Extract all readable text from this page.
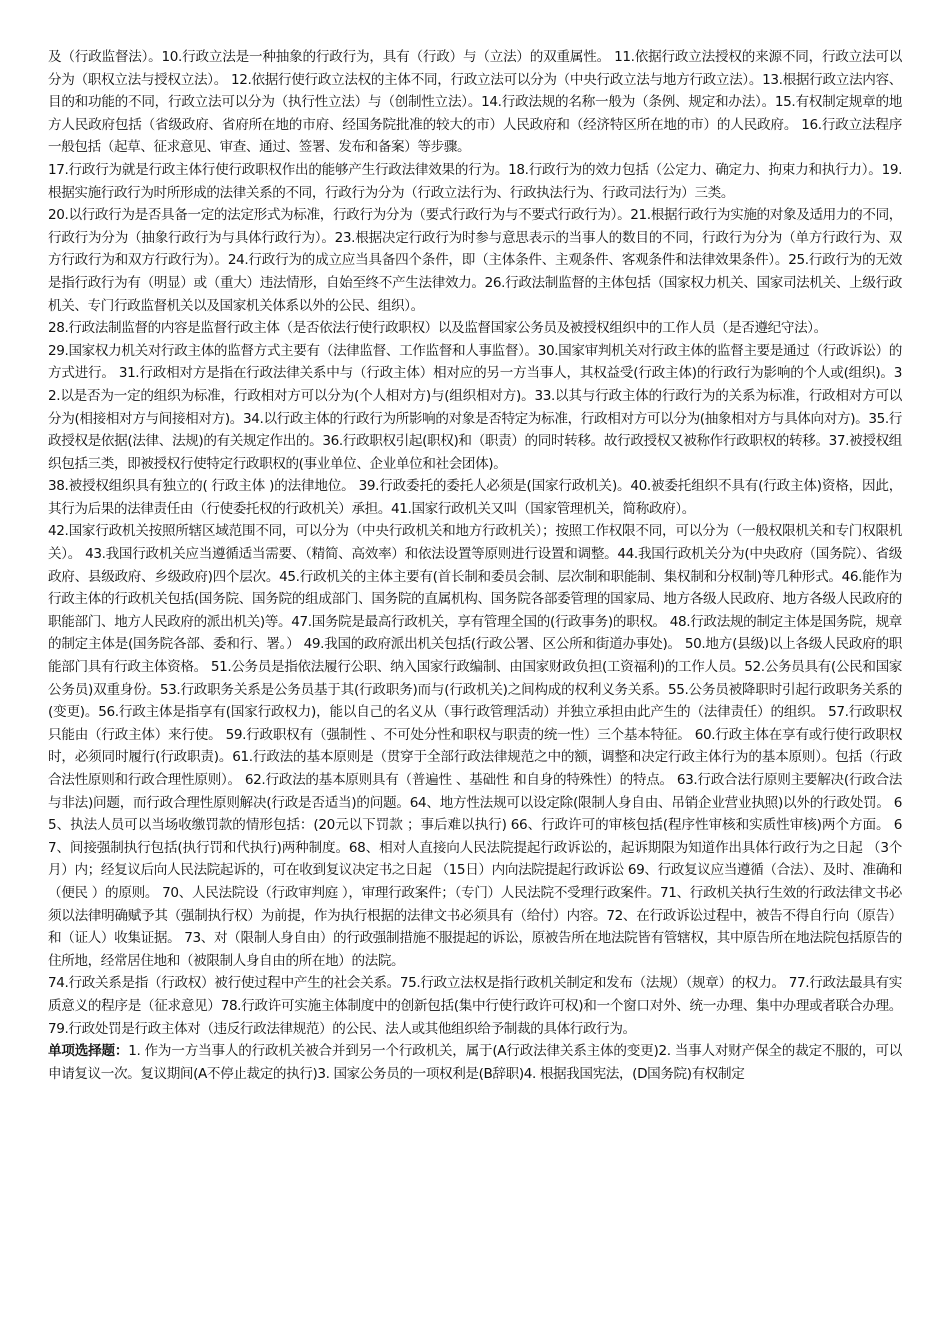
及（行政监督法）。10.行政立法是一种抽象的行政行为，具有（行政）与（立法）的双重属性。 11.依据行政立法授权的来源不同，行政立法可以分为（职权立法与授权立法）。 12.依据行使行政立法权的主体不同，行政立法可以分为（中央行政立法与地方行政立法）。13.根据行政立法内容、目的和功能的不同，行政立法可以分为（执行性立法）与（创制性立法）。14.行政法规的名称一般为（条例、规定和办法）。15.有权制定规章的地方人民政府包括（省级政府、省府所在地的市府、经国务院批准的较大的市）人民政府和（经济特区所在地的市）的人民政府。 16.行政立法程序一般包括（起草、征求意见、审查、通过、签署、发布和备案）等步骤。

17.行政行为就是行政主体行使行政职权作出的能够产生行政法律效果的行为。18.行政行为的效力包括（公定力、确定力、拘束力和执行力）。19.根据实施行政行为时所形成的法律关系的不同，行政行为分为（行政立法行为、行政执法行为、行政司法行为）三类。

20.以行政行为是否具备一定的法定形式为标准，行政行为分为（要式行政行为与不要式行政行为）。21.根据行政行为实施的对象及适用力的不同，行政行为分为（抽象行政行为与具体行政行为）。23.根据决定行政行为时参与意思表示的当事人的数目的不同，行政行为分为（单方行政行为、双方行政行为和双方行政行为）。24.行政行为的成立应当具备四个条件，即（主体条件、主观条件、客观条件和法律效果条件）。25.行政行为的无效是指行政行为有（明显）或（重大）违法情形，自始至终不产生法律效力。26.行政法制监督的主体包括（国家权力机关、国家司法机关、上级行政机关、专门行政监督机关以及国家机关体系以外的公民、组织）。

28.行政法制监督的内容是监督行政主体（是否依法行使行政职权）以及监督国家公务员及被授权组织中的工作人员（是否遵纪守法）。

29.国家权力机关对行政主体的监督方式主要有（法律监督、工作监督和人事监督）。30.国家审判机关对行政主体的监督主要是通过（行政诉讼）的方式进行。 31.行政相对方是指在行政法律关系中与（行政主体）相对应的另一方当事人，其权益受(行政主体)的行政行为影响的个人或(组织)。32.以是否为一定的组织为标准，行政相对方可以分为(个人相对方)与(组织相对方)。33.以其与行政主体的行政行为的关系为标准，行政相对方可以分为(相接相对方与间接相对方)。34.以行政主体的行政行为所影响的对象是否特定为标准，行政相对方可以分为(抽象相对方与具体向对方)。35.行政授权是依据(法律、法规)的有关规定作出的。36.行政职权引起(职权)和（职责）的同时转移。故行政授权又被称作行政职权的转移。37.被授权组织包括三类，即被授权行使特定行政职权的(事业单位、企业单位和社会团体)。

38.被授权组织具有独立的( 行政主体 )的法律地位。 39.行政委托的委托人必须是(国家行政机关)。40.被委托组织不具有(行政主体)资格，因此，其行为后果的法律责任由（行使委托权的行政机关）承担。41.国家行政机关又叫（国家管理机关，简称政府）。

42.国家行政机关按照所辖区域范围不同，可以分为（中央行政机关和地方行政机关）；按照工作权限不同，可以分为（一般权限机关和专门权限机关）。 43.我国行政机关应当遵循适当需要、（精简、高效率）和依法设置等原则进行设置和调整。44.我国行政机关分为(中央政府（国务院）、省级政府、县级政府、乡级政府)四个层次。45.行政机关的主体主要有(首长制和委员会制、层次制和职能制、集权制和分权制)等几种形式。46.能作为行政主体的行政机关包括(国务院、国务院的组成部门、国务院的直属机构、国务院各部委管理的国家局、地方各级人民政府、地方各级人民政府的职能部门、地方人民政府的派出机关)等。47.国务院是最高行政机关，享有管理全国的(行政事务)的职权。 48.行政法规的制定主体是国务院，规章的制定主体是(国务院各部、委和行、署。） 49.我国的政府派出机关包括(行政公署、区公所和街道办事处)。 50.地方(县级)以上各级人民政府的职能部门具有行政主体资格。 51.公务员是指依法履行公职、纳入国家行政编制、由国家财政负担(工资福利)的工作人员。52.公务员具有(公民和国家公务员)双重身份。53.行政职务关系是公务员基于其(行政职务)而与(行政机关)之间构成的权利义务关系。55.公务员被降职时引起行政职务关系的(变更)。56.行政主体是指享有(国家行政权力)，能以自己的名义从（事行政管理活动）并独立承担由此产生的（法律责任）的组织。 57.行政职权只能由（行政主体）来行使。 59.行政职权有（强制性 、不可处分性和职权与职责的统一性）三个基本特征。 60.行政主体在享有或行使行政职权时，必须同时履行(行政职责)。61.行政法的基本原则是（贯穿于全部行政法律规范之中的额，调整和决定行政主体行为的基本原则）。包括（行政合法性原则和行政合理性原则）。 62.行政法的基本原则具有（普遍性 、基础性 和自身的特殊性）的特点。 63.行政合法行原则主要解决(行政合法与非法)问题，而行政合理性原则解决(行政是否适当)的问题。64、地方性法规可以设定除(限制人身自由、吊销企业营业执照)以外的行政处罚。 65、执法人员可以当场收缴罚款的情形包括：(20元以下罚款 ；事后难以执行) 66、行政许可的审核包括(程序性审核和实质性审核)两个方面。 67、间接强制执行包括(执行罚和代执行)两种制度。68、相对人直接向人民法院提起行政诉讼的，起诉期限为知道作出具体行政行为之日起 （3个月）内；经复议后向人民法院起诉的，可在收到复议决定书之日起 （15日）内向法院提起行政诉讼 69、行政复议应当遵循（合法）、及时、准确和（便民 ）的原则。 70、人民法院设（行政审判庭 ），审理行政案件；（专门）人民法院不受理行政案件。71、行政机关执行生效的行政法律文书必须以法律明确赋予其（强制执行权）为前提，作为执行根据的法律文书必须具有（给付）内容。72、在行政诉讼过程中，被告不得自行向（原告）和（证人）收集证据。 73、对（限制人身自由）的行政强制措施不服提起的诉讼，原被告所在地法院皆有管辖权，其中原告所在地法院包括原告的住所地，经常居住地和（被限制人身自由的所在地）的法院。

74.行政关系是指（行政权）被行使过程中产生的社会关系。75.行政立法权是指行政机关制定和发布（法规）（规章）的权力。 77.行政法最具有实质意义的程序是（征求意见）78.行政许可实施主体制度中的创新包括(集中行使行政许可权)和一个窗口对外、统一办理、集中办理或者联合办理。79.行政处罚是行政主体对（违反行政法律规范）的公民、法人或其他组织给予制裁的具体行政行为。

单项选择题：1. 作为一方当事人的行政机关被合并到另一个行政机关，属于(A行政法律关系主体的变更)2. 当事人对财产保全的裁定不服的，可以申请复议一次。复议期间(A不停止裁定的执行)3. 国家公务员的一项权利是(B辞职)4. 根据我国宪法，(D国务院)有权制定
